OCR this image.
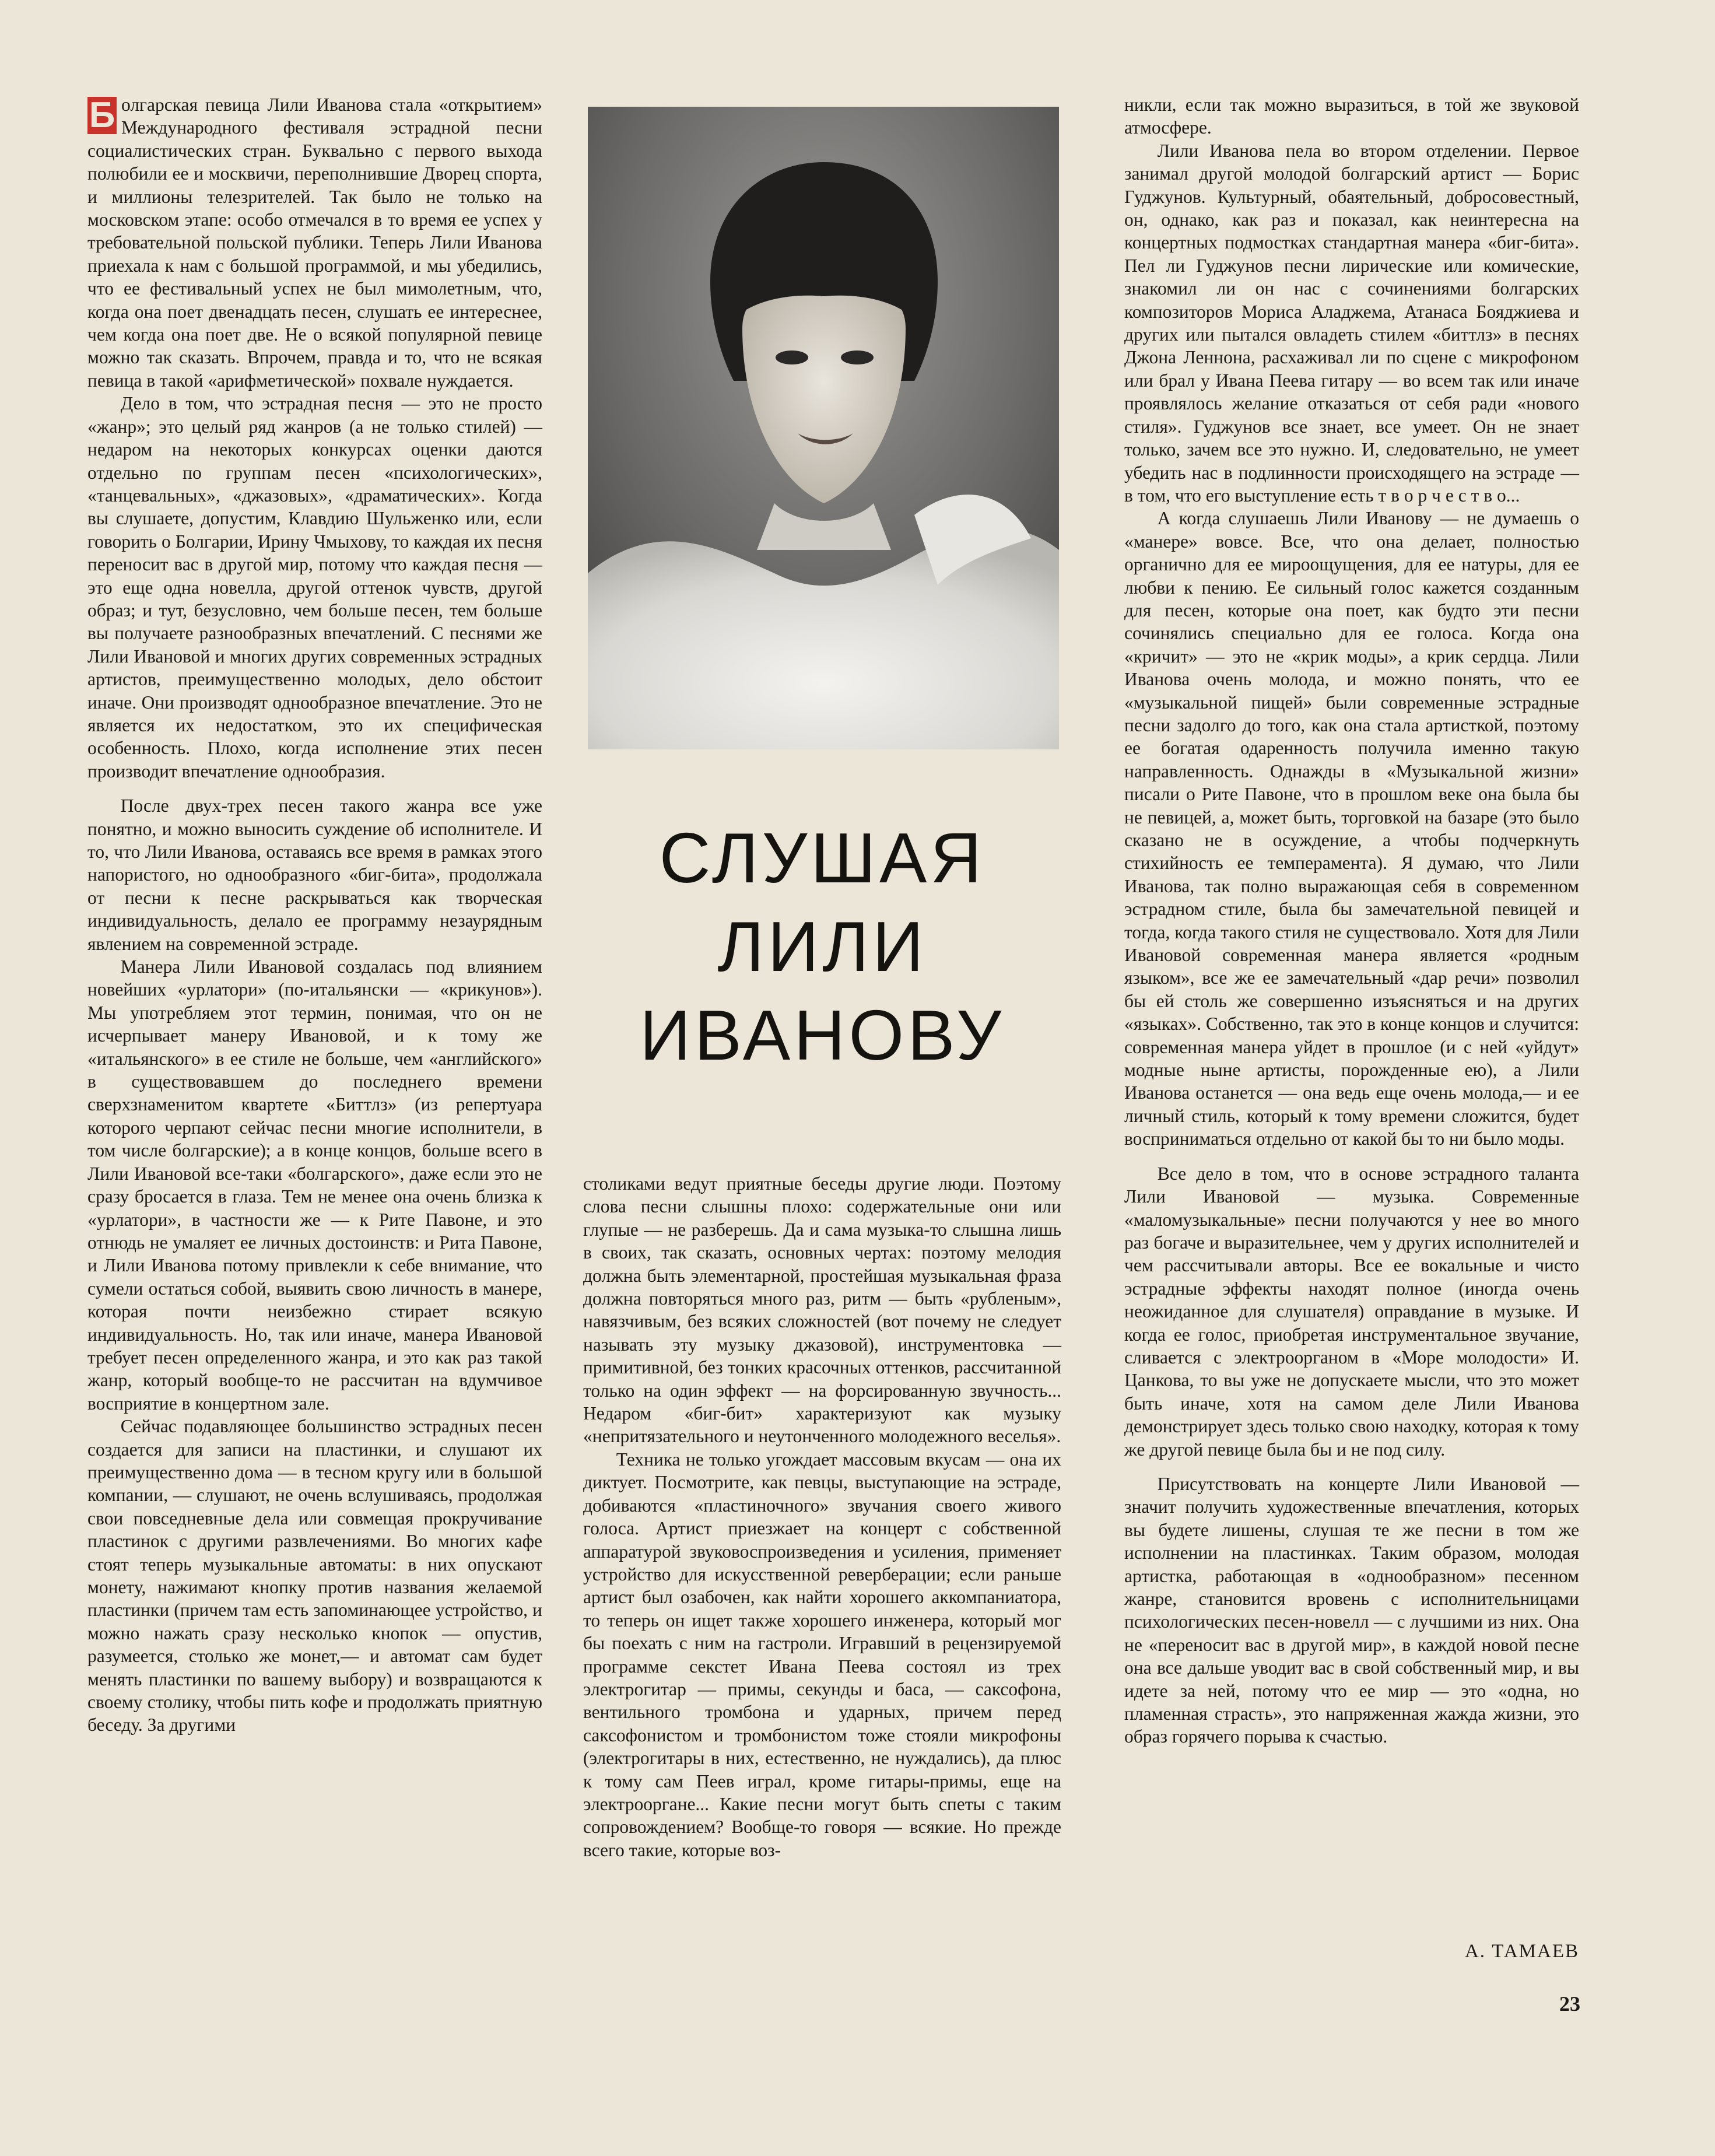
Б олгарская певица Лили Иванова стала «открытием» Международного фестиваля эстрадной песни социалистических стран. Буквально с первого выхода полюбили ее и москвичи, переполнившие Дворец спорта, и миллионы телезрителей. Так было не только на московском этапе: особо отмечался в то время ее успех у требовательной польской публики. Теперь Лили Иванова приехала к нам с большой программой, и мы убедились, что ее фестивальный успех не был мимолетным, что, когда она поет двенадцать песен, слушать ее интереснее, чем когда она поет две. Не о всякой популярной певице можно так сказать. Впрочем, правда и то, что не всякая певица в такой «арифметической» похвале нуждается.

Дело в том, что эстрадная песня — это не просто «жанр»; это целый ряд жанров (а не только стилей) — недаром на некоторых конкурсах оценки даются отдельно по группам песен «психологических», «танцевальных», «джазовых», «драматических». Когда вы слушаете, допустим, Клавдию Шульженко или, если говорить о Болгарии, Ирину Чмыхову, то каждая их песня переносит вас в другой мир, потому что каждая песня — это еще одна новелла, другой оттенок чувств, другой образ; и тут, безусловно, чем больше песен, тем больше вы получаете разнообразных впечатлений. С песнями же Лили Ивановой и многих других современных эстрадных артистов, преимущественно молодых, дело обстоит иначе. Они производят однообразное впечатление. Это не является их недостатком, это их специфическая особенность. Плохо, когда исполнение этих песен производит впечатление однообразия.

После двух-трех песен такого жанра все уже понятно, и можно выносить суждение об исполнителе. И то, что Лили Иванова, оставаясь все время в рамках этого напористого, но однообразного «биг-бита», продолжала от песни к песне раскрываться как творческая индивидуальность, делало ее программу незаурядным явлением на современной эстраде.

Манера Лили Ивановой создалась под влиянием новейших «урлатори» (по-итальянски — «крикунов»). Мы употребляем этот термин, понимая, что он не исчерпывает манеру Ивановой, и к тому же «итальянского» в ее стиле не больше, чем «английского» в существовавшем до последнего времени сверхзнаменитом квартете «Биттлз» (из репертуара которого черпают сейчас песни многие исполнители, в том числе болгарские); а в конце концов, больше всего в Лили Ивановой все-таки «болгарского», даже если это не сразу бросается в глаза. Тем не менее она очень близка к «урлатори», в частности же — к Рите Павоне, и это отнюдь не умаляет ее личных достоинств: и Рита Павоне, и Лили Иванова потому привлекли к себе внимание, что сумели остаться собой, выявить свою личность в манере, которая почти неизбежно стирает всякую индивидуальность. Но, так или иначе, манера Ивановой требует песен определенного жанра, и это как раз такой жанр, который вообще-то не рассчитан на вдумчивое восприятие в концертном зале.

Сейчас подавляющее большинство эстрадных песен создается для записи на пластинки, и слушают их преимущественно дома — в тесном кругу или в большой компании, — слушают, не очень вслушиваясь, продолжая свои повседневные дела или совмещая прокручивание пластинок с другими развлечениями. Во многих кафе стоят теперь музыкальные автоматы: в них опускают монету, нажимают кнопку против названия желаемой пластинки (причем там есть запоминающее устройство, и можно нажать сразу несколько кнопок — опустив, разумеется, столько же монет,— и автомат сам будет менять пластинки по вашему выбору) и возвращаются к своему столику, чтобы пить кофе и продолжать приятную беседу. За другими

СЛУШАЯ
ЛИЛИ
ИВАНОВУ

столиками ведут приятные беседы другие люди. Поэтому слова песни слышны плохо: содержательные они или глупые — не разберешь. Да и сама музыка-то слышна лишь в своих, так сказать, основных чертах: поэтому мелодия должна быть элементарной, простейшая музыкальная фраза должна повторяться много раз, ритм — быть «рубленым», навязчивым, без всяких сложностей (вот почему не следует называть эту музыку джазовой), инструментовка — примитивной, без тонких красочных оттенков, рассчитанной только на один эффект — на форсированную звучность... Недаром «биг-бит» характеризуют как музыку «непритязательного и неутонченного молодежного веселья».

Техника не только угождает массовым вкусам — она их диктует. Посмотрите, как певцы, выступающие на эстраде, добиваются «пластиночного» звучания своего живого голоса. Артист приезжает на концерт с собственной аппаратурой звуковоспроизведения и усиления, применяет устройство для искусственной реверберации; если раньше артист был озабочен, как найти хорошего аккомпаниатора, то теперь он ищет также хорошего инженера, который мог бы поехать с ним на гастроли. Игравший в рецензируемой программе секстет Ивана Пеева состоял из трех электрогитар — примы, секунды и баса, — саксофона, вентильного тромбона и ударных, причем перед саксофонистом и тромбонистом тоже стояли микрофоны (электрогитары в них, естественно, не нуждались), да плюс к тому сам Пеев играл, кроме гитары-примы, еще на электрооргане... Какие песни могут быть спеты с таким сопровождением? Вообще-то говоря — всякие. Но прежде всего такие, которые воз-

никли, если так можно выразиться, в той же звуковой атмосфере.

Лили Иванова пела во втором отделении. Первое занимал другой молодой болгарский артист — Борис Гуджунов. Культурный, обаятельный, добросовестный, он, однако, как раз и показал, как неинтересна на концертных подмостках стандартная манера «биг-бита». Пел ли Гуджунов песни лирические или комические, знакомил ли он нас с сочинениями болгарских композиторов Мориса Аладжема, Атанаса Бояджиева и других или пытался овладеть стилем «биттлз» в песнях Джона Леннона, расхаживал ли по сцене с микрофоном или брал у Ивана Пеева гитару — во всем так или иначе проявлялось желание отказаться от себя ради «нового стиля». Гуджунов все знает, все умеет. Он не знает только, зачем все это нужно. И, следовательно, не умеет убедить нас в подлинности происходящего на эстраде — в том, что его выступление есть т в о р ч е с т в о...

А когда слушаешь Лили Иванову — не думаешь о «манере» вовсе. Все, что она делает, полностью органично для ее мироощущения, для ее натуры, для ее любви к пению. Ее сильный голос кажется созданным для песен, которые она поет, как будто эти песни сочинялись специально для ее голоса. Когда она «кричит» — это не «крик моды», а крик сердца. Лили Иванова очень молода, и можно понять, что ее «музыкальной пищей» были современные эстрадные песни задолго до того, как она стала артисткой, поэтому ее богатая одаренность получила именно такую направленность. Однажды в «Музыкальной жизни» писали о Рите Павоне, что в прошлом веке она была бы не певицей, а, может быть, торговкой на базаре (это было сказано не в осуждение, а чтобы подчеркнуть стихийность ее темперамента). Я думаю, что Лили Иванова, так полно выражающая себя в современном эстрадном стиле, была бы замечательной певицей и тогда, когда такого стиля не существовало. Хотя для Лили Ивановой современная манера является «родным языком», все же ее замечательный «дар речи» позволил бы ей столь же совершенно изъясняться и на других «языках». Собственно, так это в конце концов и случится: современная манера уйдет в прошлое (и с ней «уйдут» модные ныне артисты, порожденные ею), а Лили Иванова останется — она ведь еще очень молода,— и ее личный стиль, который к тому времени сложится, будет восприниматься отдельно от какой бы то ни было моды.

Все дело в том, что в основе эстрадного таланта Лили Ивановой — музыка. Современные «маломузыкальные» песни получаются у нее во много раз богаче и выразительнее, чем у других исполнителей и чем рассчитывали авторы. Все ее вокальные и чисто эстрадные эффекты находят полное (иногда очень неожиданное для слушателя) оправдание в музыке. И когда ее голос, приобретая инструментальное звучание, сливается с электрооргaном в «Море молодости» И. Цанкова, то вы уже не допускаете мысли, что это может быть иначе, хотя на самом деле Лили Иванова демонстрирует здесь только свою находку, которая к тому же другой певице была бы и не под силу.

Присутствовать на концерте Лили Ивановой — значит получить художественные впечатления, которых вы будете лишены, слушая те же песни в том же исполнении на пластинках. Таким образом, молодая артистка, работающая в «однообразном» песенном жанре, становится вровень с исполнительницами психологических песен-новелл — с лучшими из них. Она не «переносит вас в другой мир», в каждой новой песне она все дальше уводит вас в свой собственный мир, и вы идете за ней, потому что ее мир — это «одна, но пламенная страсть», это напряженная жажда жизни, это образ горячего порыва к счастью.

А. ТАМАЕВ
23
